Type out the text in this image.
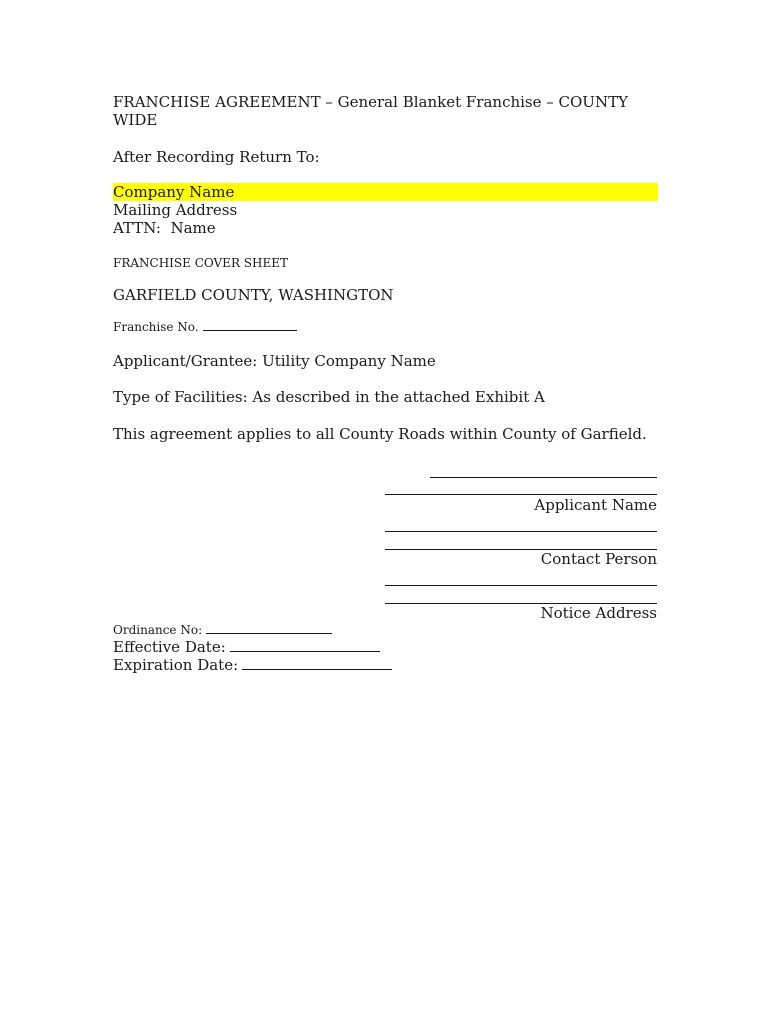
FRANCHISE AGREEMENT – General Blanket Franchise – COUNTY WIDE
After Recording Return To:
Company Name
Mailing Address
ATTN:  Name
FRANCHISE COVER SHEET
GARFIELD COUNTY, WASHINGTON
Franchise No.
Applicant/Grantee: Utility Company Name
Type of Facilities: As described in the attached Exhibit A
This agreement applies to all County Roads within County of Garfield.
Applicant Name
Contact Person
Notice Address
Ordinance No:
Effective Date:
Expiration Date:
